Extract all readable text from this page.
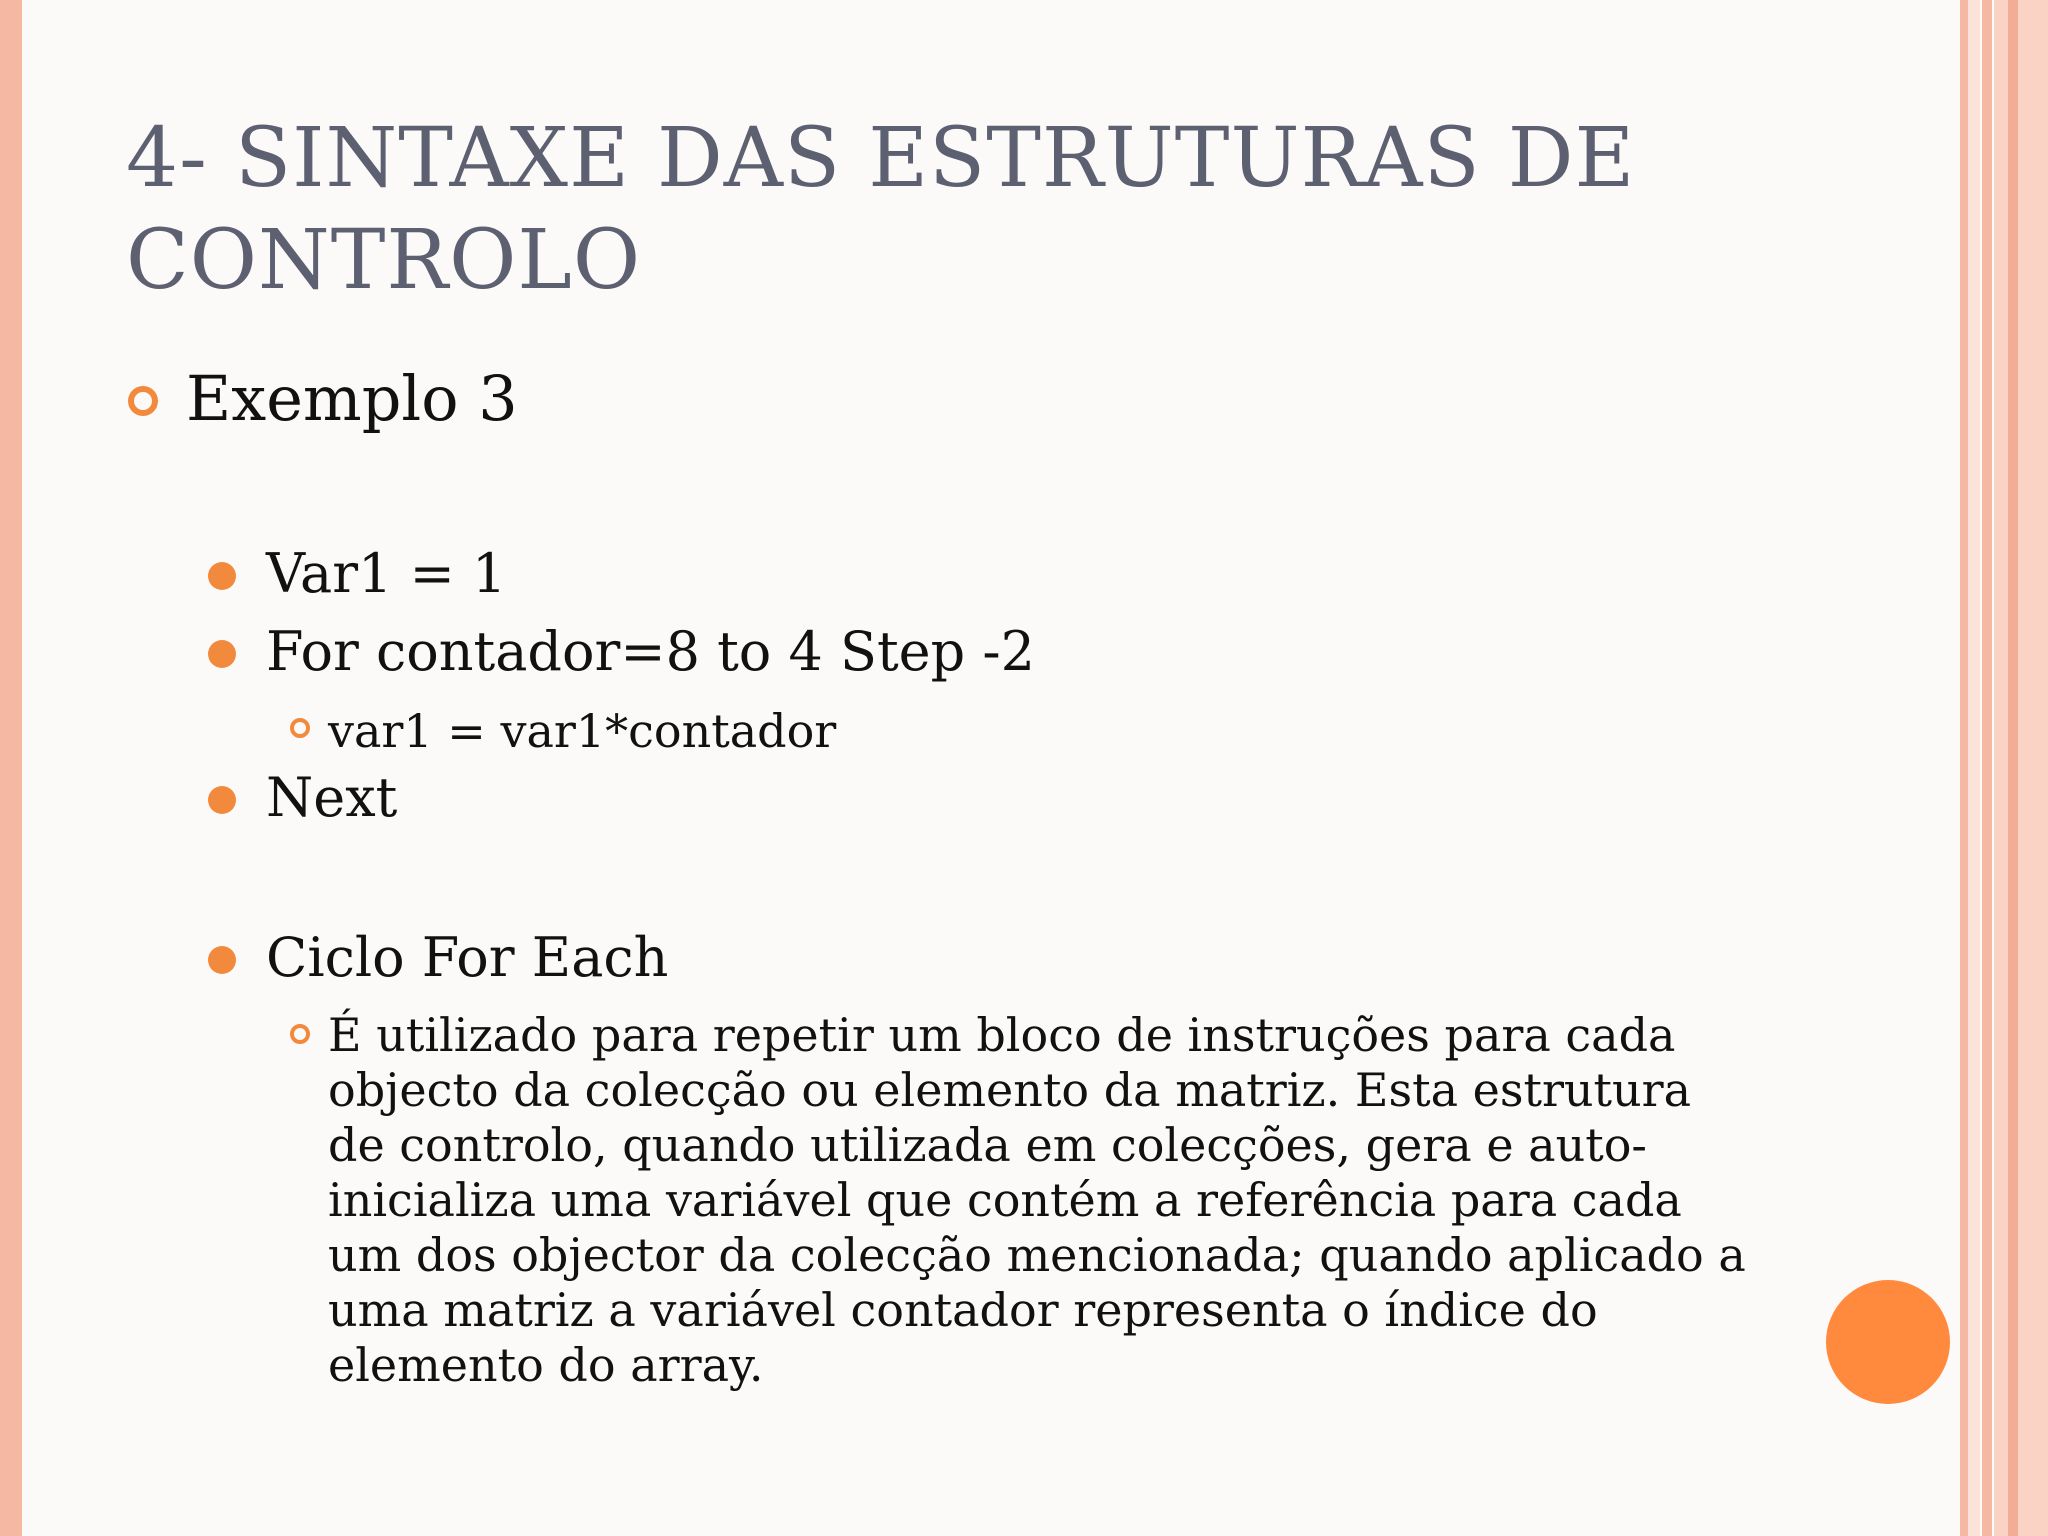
4- SINTAXE DAS ESTRUTURAS DE
CONTROLO
Exemplo 3
Var1 = 1
For contador=8 to 4 Step -2
var1 = var1*contador
Next
Ciclo For Each
É utilizado para repetir um bloco de instruções para cada
objecto da colecção ou elemento da matriz. Esta estrutura
de controlo, quando utilizada em colecções, gera e auto-
inicializa uma variável que contém a referência para cada
um dos objector da colecção mencionada; quando aplicado a
uma matriz a variável contador representa o índice do
elemento do array.
